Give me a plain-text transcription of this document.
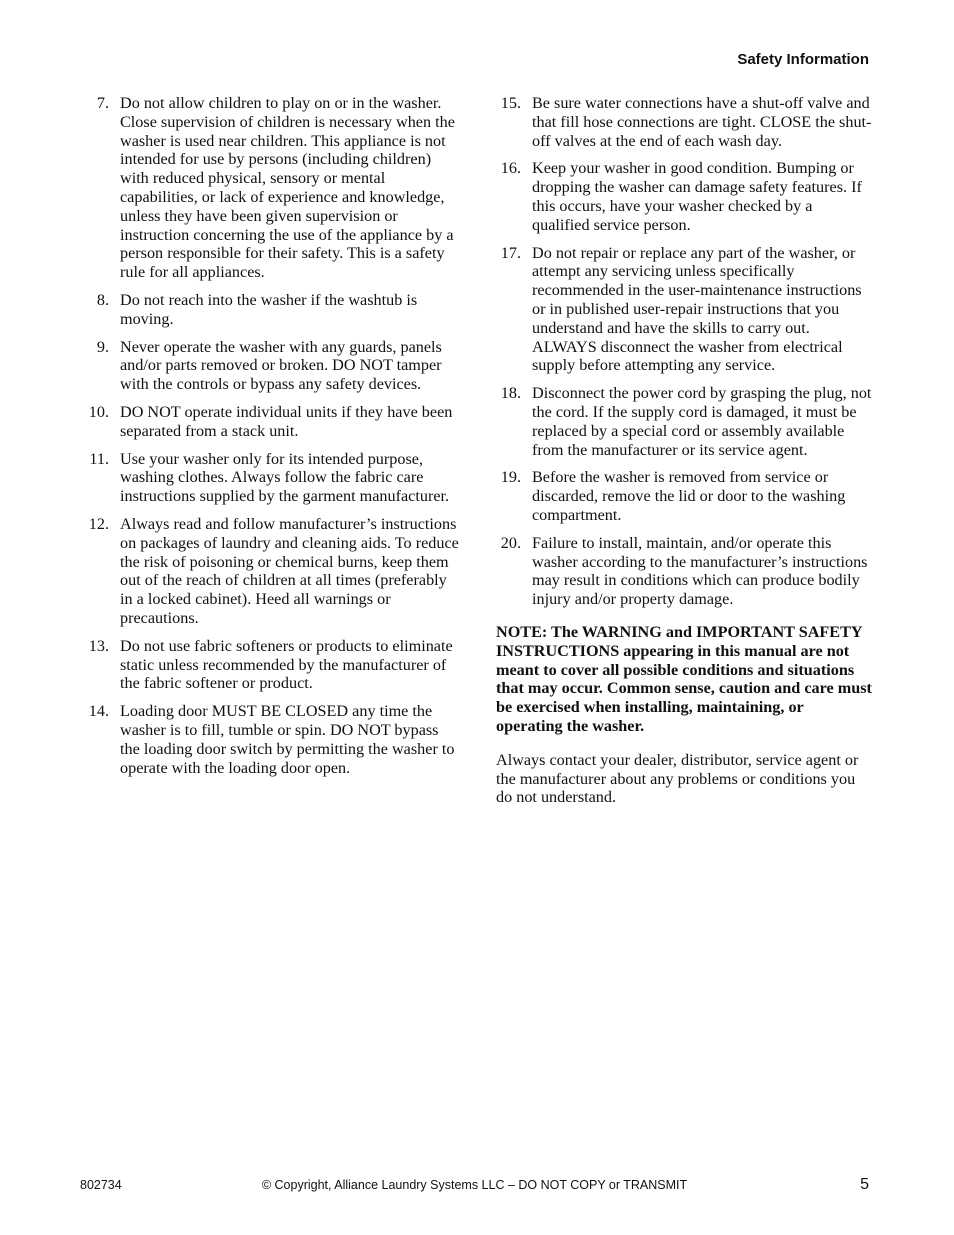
Safety Information
7. Do not allow children to play on or in the washer. Close supervision of children is necessary when the washer is used near children. This appliance is not intended for use by persons (including children) with reduced physical, sensory or mental capabilities, or lack of experience and knowledge, unless they have been given supervision or instruction concerning the use of the appliance by a person responsible for their safety. This is a safety rule for all appliances.
8. Do not reach into the washer if the washtub is moving.
9. Never operate the washer with any guards, panels and/or parts removed or broken. DO NOT tamper with the controls or bypass any safety devices.
10. DO NOT operate individual units if they have been separated from a stack unit.
11. Use your washer only for its intended purpose, washing clothes. Always follow the fabric care instructions supplied by the garment manufacturer.
12. Always read and follow manufacturer’s instructions on packages of laundry and cleaning aids. To reduce the risk of poisoning or chemical burns, keep them out of the reach of children at all times (preferably in a locked cabinet). Heed all warnings or precautions.
13. Do not use fabric softeners or products to eliminate static unless recommended by the manufacturer of the fabric softener or product.
14. Loading door MUST BE CLOSED any time the washer is to fill, tumble or spin. DO NOT bypass the loading door switch by permitting the washer to operate with the loading door open.
15. Be sure water connections have a shut-off valve and that fill hose connections are tight. CLOSE the shut-off valves at the end of each wash day.
16. Keep your washer in good condition. Bumping or dropping the washer can damage safety features. If this occurs, have your washer checked by a qualified service person.
17. Do not repair or replace any part of the washer, or attempt any servicing unless specifically recommended in the user-maintenance instructions or in published user-repair instructions that you understand and have the skills to carry out. ALWAYS disconnect the washer from electrical supply before attempting any service.
18. Disconnect the power cord by grasping the plug, not the cord. If the supply cord is damaged, it must be replaced by a special cord or assembly available from the manufacturer or its service agent.
19. Before the washer is removed from service or discarded, remove the lid or door to the washing compartment.
20. Failure to install, maintain, and/or operate this washer according to the manufacturer’s instructions may result in conditions which can produce bodily injury and/or property damage.

NOTE: The WARNING and IMPORTANT SAFETY INSTRUCTIONS appearing in this manual are not meant to cover all possible conditions and situations that may occur. Common sense, caution and care must be exercised when installing, maintaining, or operating the washer.

Always contact your dealer, distributor, service agent or the manufacturer about any problems or conditions you do not understand.

802734	© Copyright, Alliance Laundry Systems LLC – DO NOT COPY or TRANSMIT	5
